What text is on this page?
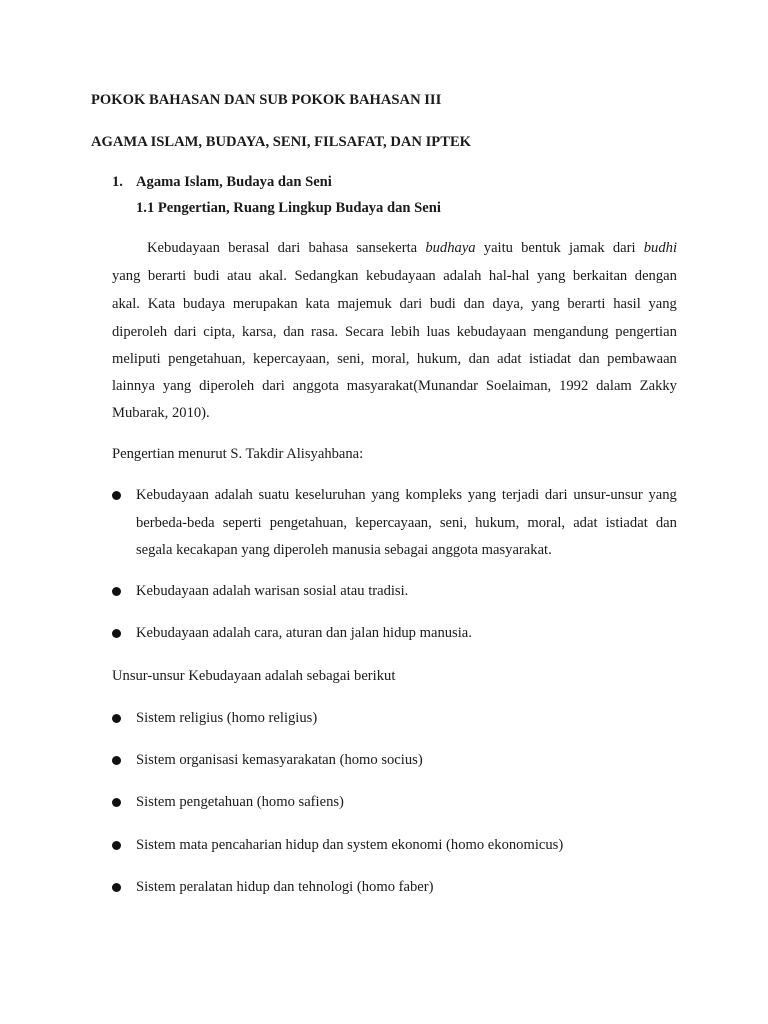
POKOK BAHASAN DAN SUB POKOK BAHASAN III
AGAMA ISLAM, BUDAYA, SENI, FILSAFAT, DAN IPTEK
1. Agama Islam, Budaya dan Seni
1.1 Pengertian, Ruang Lingkup Budaya dan Seni
Kebudayaan berasal dari bahasa sansekerta budhaya yaitu bentuk jamak dari budhi
yang berarti budi atau akal. Sedangkan kebudayaan adalah hal-hal yang berkaitan dengan
akal. Kata budaya merupakan kata majemuk dari budi dan daya, yang berarti hasil yang
diperoleh dari cipta, karsa, dan rasa. Secara lebih luas kebudayaan mengandung pengertian
meliputi pengetahuan, kepercayaan, seni, moral, hukum, dan adat istiadat dan pembawaan
lainnya yang diperoleh dari anggota masyarakat(Munandar Soelaiman, 1992 dalam Zakky
Mubarak, 2010).
Pengertian menurut S. Takdir Alisyahbana:
Kebudayaan adalah suatu keseluruhan yang kompleks yang terjadi dari unsur-unsur yang
berbeda-beda seperti pengetahuan, kepercayaan, seni, hukum, moral, adat istiadat dan
segala kecakapan yang diperoleh manusia sebagai anggota masyarakat.
Kebudayaan adalah warisan sosial atau tradisi.
Kebudayaan adalah cara, aturan dan jalan hidup manusia.
Unsur-unsur Kebudayaan adalah sebagai berikut
Sistem religius (homo religius)
Sistem organisasi kemasyarakatan (homo socius)
Sistem pengetahuan (homo safiens)
Sistem mata pencaharian hidup dan system ekonomi (homo ekonomicus)
Sistem peralatan hidup dan tehnologi (homo faber)
